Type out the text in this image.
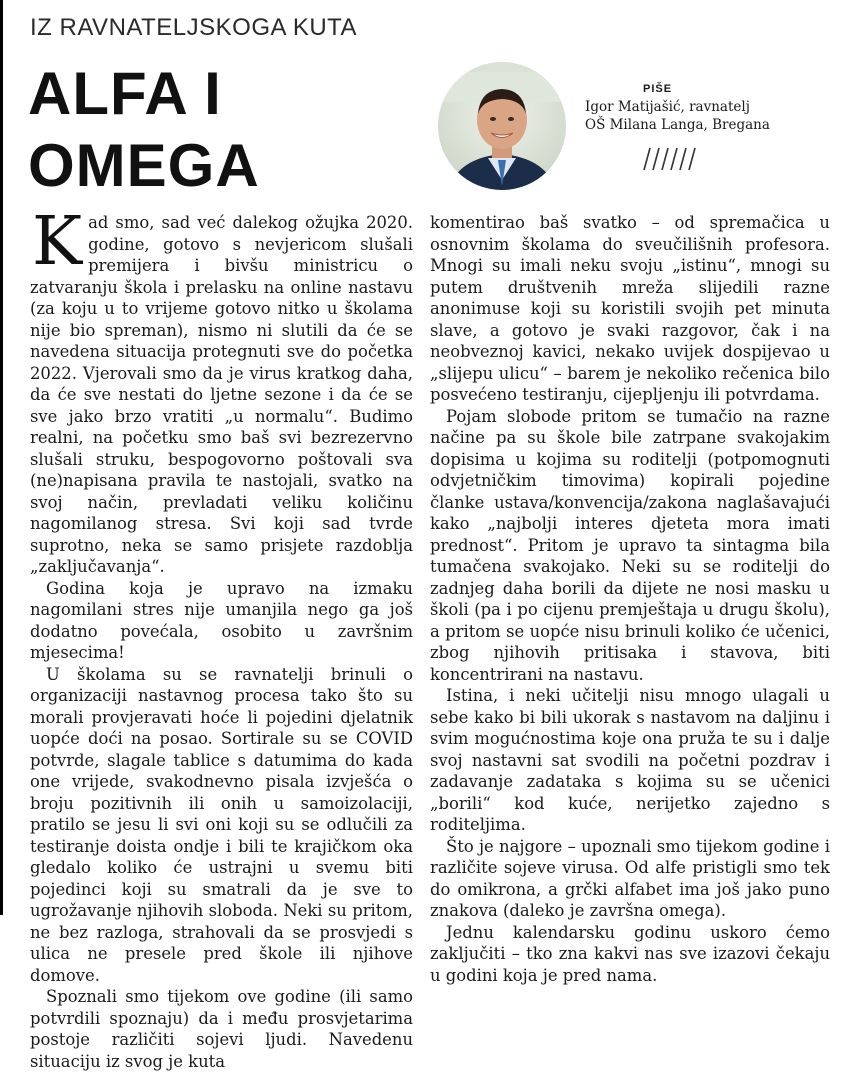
IZ RAVNATELJSKOGA KUTA
ALFA I
OMEGA
PIŠE
Igor Matijašić, ravnatelj
OŠ Milana Langa, Bregana

Kad smo, sad već dalekog ožujka 2020. godine, gotovo s nevjericom slušali premijera i bivšu ministricu o zatvaranju škola i prelasku na online nastavu (za koju u to vrijeme gotovo nitko u školama nije bio spreman), nismo ni slutili da će se navedena situacija protegnuti sve do početka 2022. Vjerovali smo da je virus kratkog daha, da će sve nestati do ljetne sezone i da će se sve jako brzo vratiti „u normalu“. Budimo realni, na početku smo baš svi bezrezervno slušali struku, bespogovorno poštovali sva (ne)napisana pravila te nastojali, svatko na svoj način, prevladati veliku količinu nagomilanog stresa. Svi koji sad tvrde suprotno, neka se samo prisjete razdoblja „zaključavanja“.

Godina koja je upravo na izmaku nagomilani stres nije umanjila nego ga još dodatno povećala, osobito u završnim mjesecima!

U školama su se ravnatelji brinuli o organizaciji nastavnog procesa tako što su morali provjeravati hoće li pojedini djelatnik uopće doći na posao. Sortirale su se COVID potvrde, slagale tablice s datumima do kada one vrijede, svakodnevno pisala izvješća o broju pozitivnih ili onih u samoizolaciji, pratilo se jesu li svi oni koji su se odlučili za testiranje doista ondje i bili te krajičkom oka gledalo koliko će ustrajni u svemu biti pojedinci koji su smatrali da je sve to ugrožavanje njihovih sloboda. Neki su pritom, ne bez razloga, strahovali da se prosvjedi s ulica ne presele pred škole ili njihove domove.

Spoznali smo tijekom ove godine (ili samo potvrdili spoznaju) da i među prosvjetarima postoje različiti sojevi ljudi. Navedenu situaciju iz svog je kuta

komentirao baš svatko – od spremačica u osnovnim školama do sveučilišnih profesora. Mnogi su imali neku svoju „istinu“, mnogi su putem društvenih mreža slijedili razne anonimuse koji su koristili svojih pet minuta slave, a gotovo je svaki razgovor, čak i na neobveznoj kavici, nekako uvijek dospijevao u „slijepu ulicu“ – barem je nekoliko rečenica bilo posvećeno testiranju, cijepljenju ili potvrdama.

Pojam slobode pritom se tumačio na razne načine pa su škole bile zatrpane svakojakim dopisima u kojima su roditelji (potpomognuti odvjetničkim timovima) kopirali pojedine članke ustava/konvencija/zakona naglašavajući kako „najbolji interes djeteta mora imati prednost“. Pritom je upravo ta sintagma bila tumačena svakojako. Neki su se roditelji do zadnjeg daha borili da dijete ne nosi masku u školi (pa i po cijenu premještaja u drugu školu), a pritom se uopće nisu brinuli koliko će učenici, zbog njihovih pritisaka i stavova, biti koncentrirani na nastavu.

Istina, i neki učitelji nisu mnogo ulagali u sebe kako bi bili ukorak s nastavom na daljinu i svim mogućnostima koje ona pruža te su i dalje svoj nastavni sat svodili na početni pozdrav i zadavanje zadataka s kojima su se učenici „borili“ kod kuće, nerijetko zajedno s roditeljima.

Što je najgore – upoznali smo tijekom godine i različite sojeve virusa. Od alfe pristigli smo tek do omikrona, a grčki alfabet ima još jako puno znakova (daleko je završna omega).

Jednu kalendarsku godinu uskoro ćemo zaključiti – tko zna kakvi nas sve izazovi čekaju u godini koja je pred nama.
